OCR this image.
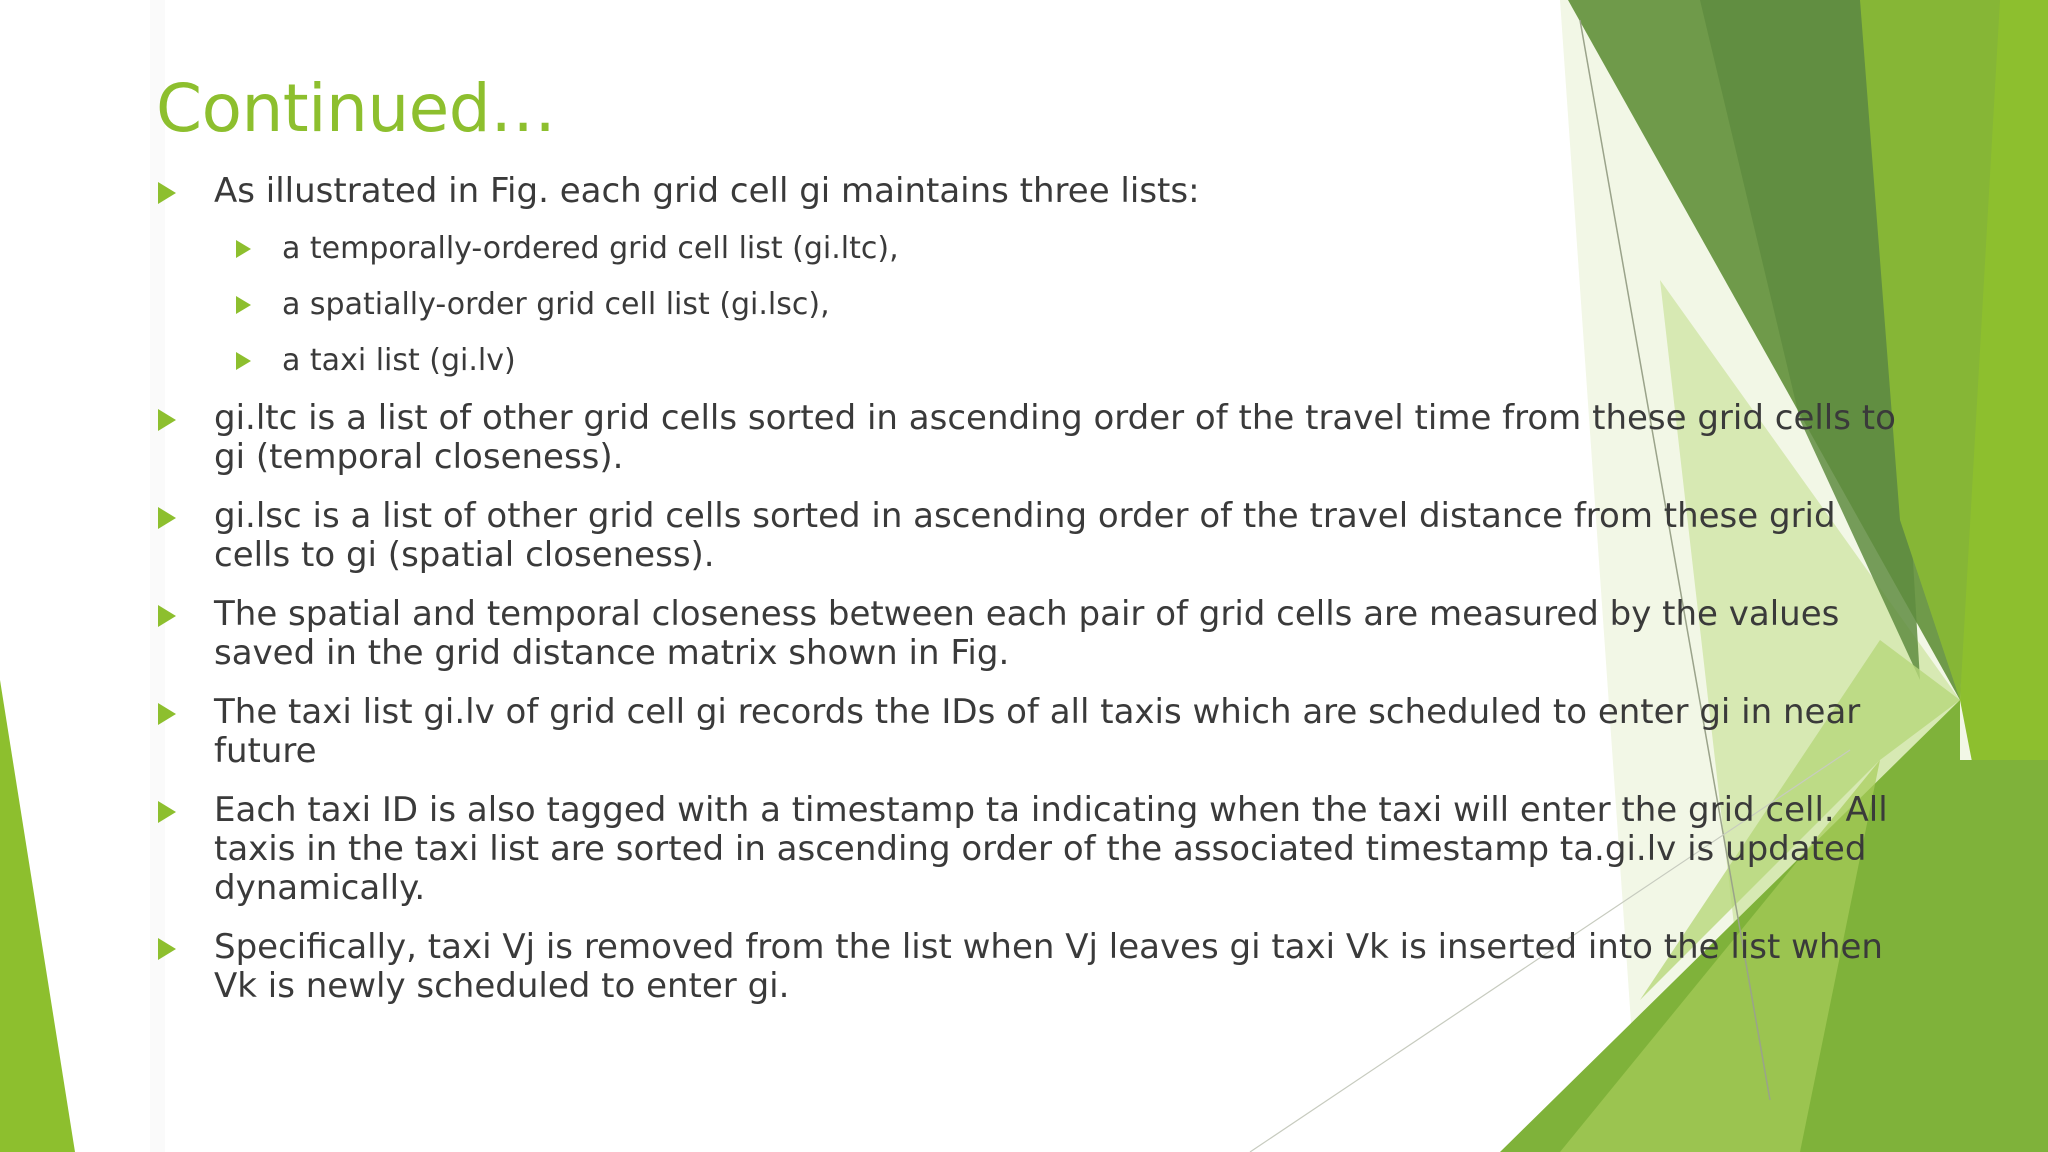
Continued…
As illustrated in Fig. each grid cell gi maintains three lists:
a temporally-ordered grid cell list (gi.ltc),
a spatially-order grid cell list (gi.lsc),
a taxi list (gi.lv)
gi.ltc is a list of other grid cells sorted in ascending order of the travel time from these grid cells to gi (temporal closeness).
gi.lsc is a list of other grid cells sorted in ascending order of the travel distance from these grid cells to gi (spatial closeness).
The spatial and temporal closeness between each pair of grid cells are measured by the values saved in the grid distance matrix shown in Fig.
The taxi list gi.lv of grid cell gi records the IDs of all taxis which are scheduled to enter gi in near future
Each taxi ID is also tagged with a timestamp ta indicating when the taxi will enter the grid cell. All taxis in the taxi list are sorted in ascending order of the associated timestamp ta.gi.lv is updated dynamically.
Specifically, taxi Vj is removed from the list when Vj leaves gi taxi Vk is inserted into the list when Vk is newly scheduled to enter gi.
